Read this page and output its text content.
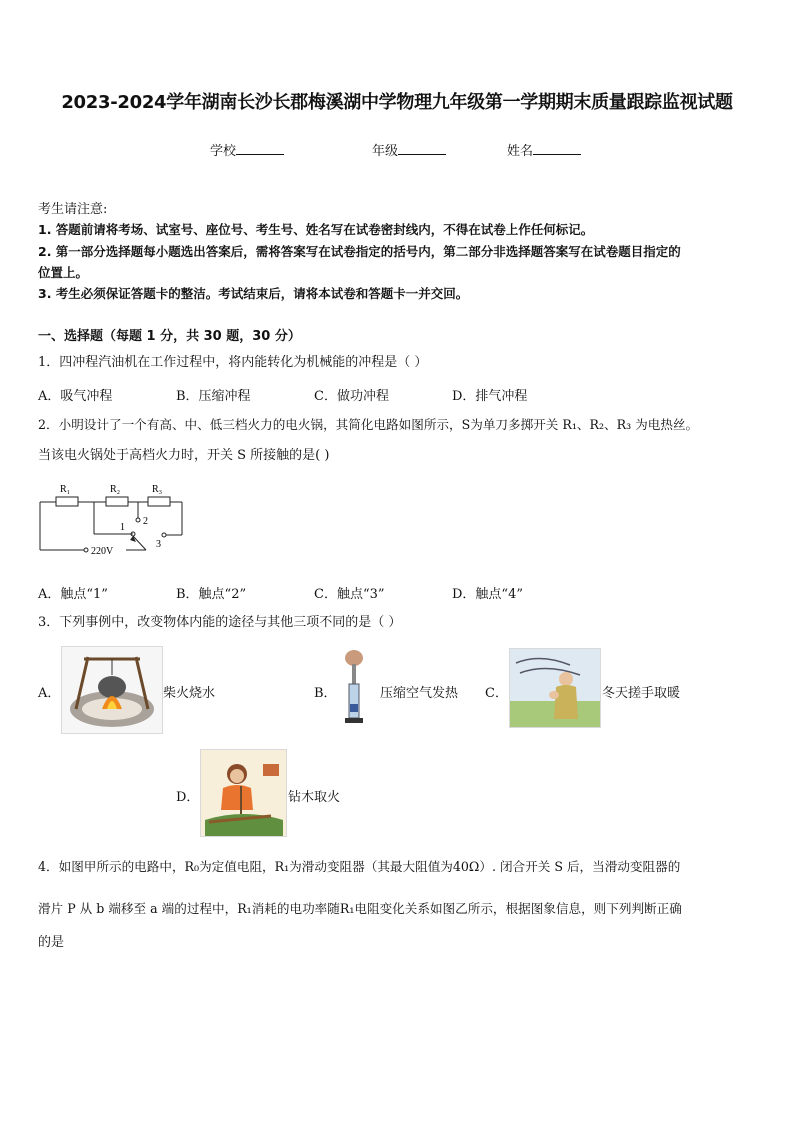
2023-2024学年湖南长沙长郡梅溪湖中学物理九年级第一学期期末质量跟踪监视试题
学校	年级	姓名
考生请注意:
1. 答题前请将考场、试室号、座位号、考生号、姓名写在试卷密封线内，不得在试卷上作任何标记。
2. 第一部分选择题每小题选出答案后，需将答案写在试卷指定的括号内，第二部分非选择题答案写在试卷题目指定的
位置上。
3. 考生必须保证答题卡的整洁。考试结束后，请将本试卷和答题卡一并交回。
一、选择题（每题 1 分，共 30 题，30 分）
1．四冲程汽油机在工作过程中，将内能转化为机械能的冲程是（ ）
A．吸气冲程	B．压缩冲程	C．做功冲程	D．排气冲程
2．小明设计了一个有高、中、低三档火力的电火锅，其简化电路如图所示，S为单刀多掷开关 R₁、R₂、R₃ 为电热丝。
当该电火锅处于高档火力时，开关 S 所接触的是( )
R₁	R₂	R₃
1
2
3
220V
A．触点“1”	B．触点“2”	C．触点“3”	D．触点“4”
3．下列事例中，改变物体内能的途径与其他三项不同的是（ ）
A．	柴火烧水	B．	压缩空气发热 C．	冬天搓手取暖
D．	钻木取火
4．如图甲所示的电路中，R₀为定值电阻，R₁为滑动变阻器（其最大阻值为40Ω）. 闭合开关 S 后，当滑动变阻器的
滑片 P 从 b 端移至 a 端的过程中，R₁消耗的电功率随R₁电阻变化关系如图乙所示，根据图象信息，则下列判断正确
的是
